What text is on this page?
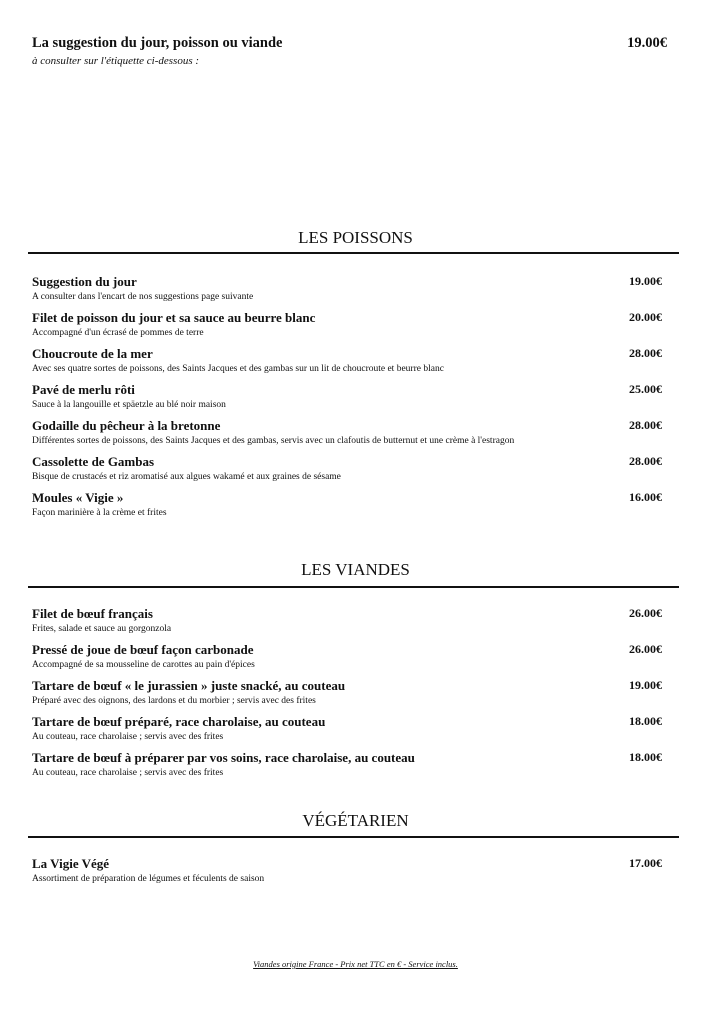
La suggestion du jour, poisson ou viande
à consulter sur l'étiquette ci-dessous :
19.00€
LES POISSONS
Suggestion du jour
A consulter dans l'encart de nos suggestions page suivante
19.00€
Filet de poisson du jour et sa sauce au beurre blanc
Accompagné d'un écrasé de pommes de terre
20.00€
Choucroute de la mer
Avec ses quatre sortes de poissons, des Saints Jacques et des gambas sur un lit de choucroute et beurre blanc
28.00€
Pavé de merlu rôti
Sauce à la langouille et späetzle au blé noir maison
25.00€
Godaille du pêcheur à la bretonne
Différentes sortes de poissons, des Saints Jacques et des gambas, servis avec un clafoutis de butternut et une crème à l'estragon
28.00€
Cassolette de Gambas
Bisque de crustacés et riz aromatisé aux algues wakamé et aux graines de sésame
28.00€
Moules « Vigie »
Façon marinière à la crème et frites
16.00€
LES VIANDES
Filet de bœuf français
Frites, salade et sauce au gorgonzola
26.00€
Pressé de joue de bœuf façon carbonade
Accompagné de sa mousseline de carottes au pain d'épices
26.00€
Tartare de bœuf « le jurassien » juste snacké, au couteau
Préparé avec des oignons, des lardons et du morbier ; servis avec des frites
19.00€
Tartare de bœuf préparé, race charolaise, au couteau
Au couteau, race charolaise ; servis avec des frites
18.00€
Tartare de bœuf à préparer par vos soins, race charolaise, au couteau
Au couteau, race charolaise ; servis avec des frites
18.00€
VÉGÉTARIEN
La Vigie Végé
Assortiment de préparation de légumes et féculents de saison
17.00€
Viandes origine France - Prix net TTC en € - Service inclus.
